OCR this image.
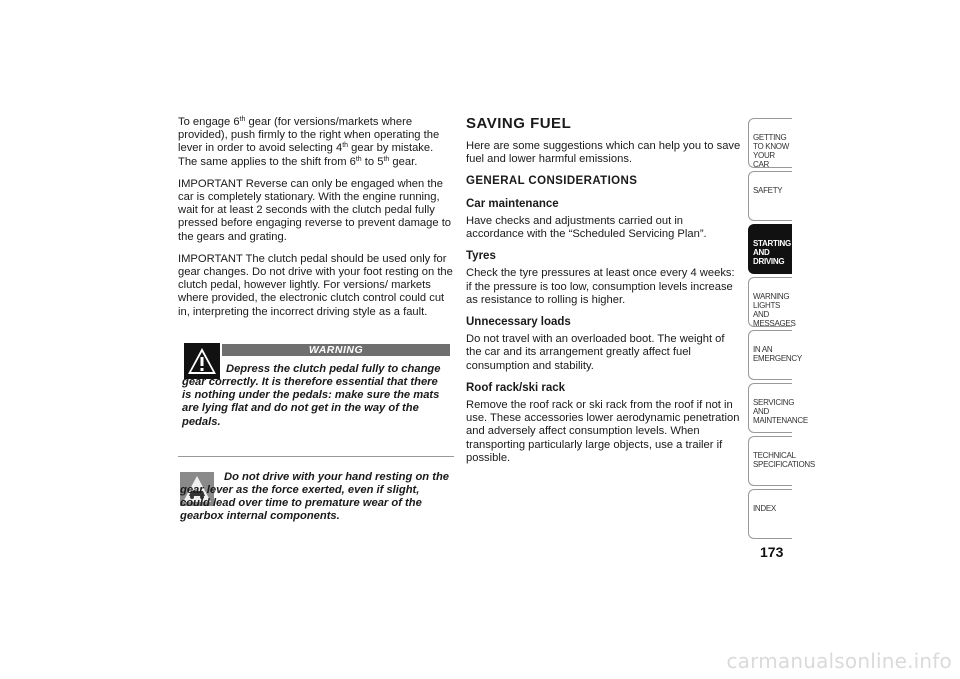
To engage 6th gear (for versions/markets where provided), push firmly to the right when operating the lever in order to avoid selecting 4th gear by mistake. The same applies to the shift from 6th to 5th gear.

IMPORTANT Reverse can only be engaged when the car is completely stationary. With the engine running, wait for at least 2 seconds with the clutch pedal fully pressed before engaging reverse to prevent damage to the gears and grating.

IMPORTANT The clutch pedal should be used only for gear changes. Do not drive with your foot resting on the clutch pedal, however lightly. For versions/ markets where provided, the electronic clutch control could cut in, interpreting the incorrect driving style as a fault.

WARNING
Depress the clutch pedal fully to change gear correctly. It is therefore essential that there is nothing under the pedals: make sure the mats are lying flat and do not get in the way of the pedals.
Do not drive with your hand resting on the gear lever as the force exerted, even if slight, could lead over time to premature wear of the gearbox internal components.
SAVING FUEL

Here are some suggestions which can help you to save fuel and lower harmful emissions.

GENERAL CONSIDERATIONS
Car maintenance

Have checks and adjustments carried out in accordance with the “Scheduled Servicing Plan”.

Tyres

Check the tyre pressures at least once every 4 weeks: if the pressure is too low, consumption levels increase as resistance to rolling is higher.

Unnecessary loads

Do not travel with an overloaded boot. The weight of the car and its arrangement greatly affect fuel consumption and stability.

Roof rack/ski rack

Remove the roof rack or ski rack from the roof if not in use. These accessories lower aerodynamic penetration and adversely affect consumption levels. When transporting particularly large objects, use a trailer if possible.

GETTING TO KNOW
YOUR CAR
SAFETY
STARTING AND
DRIVING
WARNING LIGHTS
AND MESSAGES
IN AN EMERGENCY
SERVICING AND
MAINTENANCE
TECHNICAL
SPECIFICATIONS
INDEX
173
carmanualsonline.info
